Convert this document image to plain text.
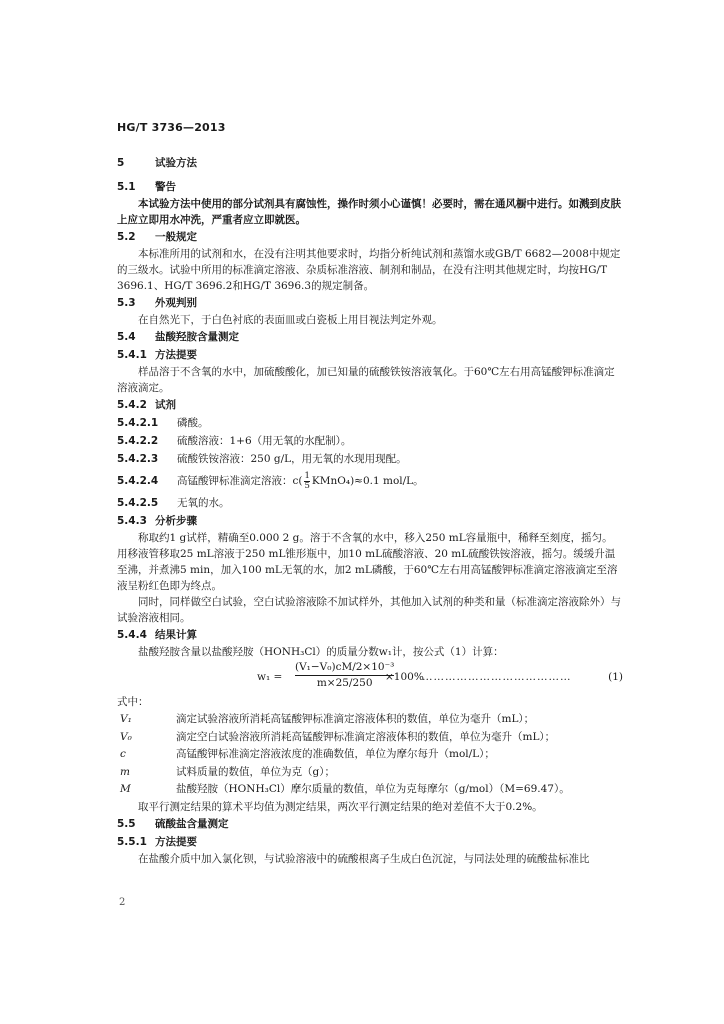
HG/T 3736—2013
5	试验方法
5.1 警告
本试验方法中使用的部分试剂具有腐蚀性，操作时须小心谨慎！必要时，需在通风橱中进行。如溅到皮肤上应立即用水冲洗，严重者应立即就医。
5.2 一般规定
本标准所用的试剂和水，在没有注明其他要求时，均指分析纯试剂和蒸馏水或GB/T 6682—2008中规定的三级水。试验中所用的标准滴定溶液、杂质标准溶液、制剂和制品，在没有注明其他规定时，均按HG/T 3696.1、HG/T 3696.2和HG/T 3696.3的规定制备。
5.3 外观判别
在自然光下，于白色衬底的表面皿或白瓷板上用目视法判定外观。
5.4 盐酸羟胺含量测定
5.4.1 方法提要
样品溶于不含氧的水中，加硫酸酸化，加已知量的硫酸铁铵溶液氧化。于60℃左右用高锰酸钾标准滴定溶液滴定。
5.4.2 试剂
5.4.2.1 磷酸。
5.4.2.2 硫酸溶液：1+6（用无氧的水配制）。
5.4.2.3 硫酸铁铵溶液：250 g/L，用无氧的水现用现配。
5.4.2.4 高锰酸钾标准滴定溶液：$c( \frac{1}{5}$ KMnO₄)≈0.1 mol/L。
5.4.2.5 无氧的水。
5.4.3 分析步骤
称取约1 g试样，精确至0.000 2 g。溶于不含氧的水中，移入250 mL容量瓶中，稀释至刻度，摇匀。用移液管移取25 mL溶液于250 mL锥形瓶中，加10 mL硫酸溶液、20 mL硫酸铁铵溶液，摇匀。缓缓升温至沸，并煮沸5 min，加入100 mL无氧的水，加2 mL磷酸，于60℃左右用高锰酸钾标准滴定溶液滴定至溶液呈粉红色即为终点。
同时，同样做空白试验，空白试验溶液除不加试样外，其他加入试剂的种类和量（标准滴定溶液除外）与试验溶液相同。
5.4.4 结果计算
盐酸羟胺含量以盐酸羟胺（HONH₃Cl）的质量分数w₁计，按公式（1）计算：
$w_1 = \frac{\text{(V₁−V₀)cM/2×10⁻³}}{m\times 25/250}$
×100%
…………………………………	(1)
式中：
V₁	滴定试验溶液所消耗高锰酸钾标准滴定溶液体积的数值，单位为毫升（mL）；
V₀	滴定空白试验溶液所消耗高锰酸钾标准滴定溶液体积的数值，单位为毫升（mL）；
c	高锰酸钾标准滴定溶液浓度的准确数值，单位为摩尔每升（mol/L）；
m	试料质量的数值，单位为克（g）；
M	盐酸羟胺（HONH₃Cl）摩尔质量的数值，单位为克每摩尔（g/mol）（M=69.47）。
取平行测定结果的算术平均值为测定结果，两次平行测定结果的绝对差值不大于0.2%。
5.5 硫酸盐含量测定
5.5.1 方法提要
在盐酸介质中加入氯化钡，与试验溶液中的硫酸根离子生成白色沉淀，与同法处理的硫酸盐标准比
2
